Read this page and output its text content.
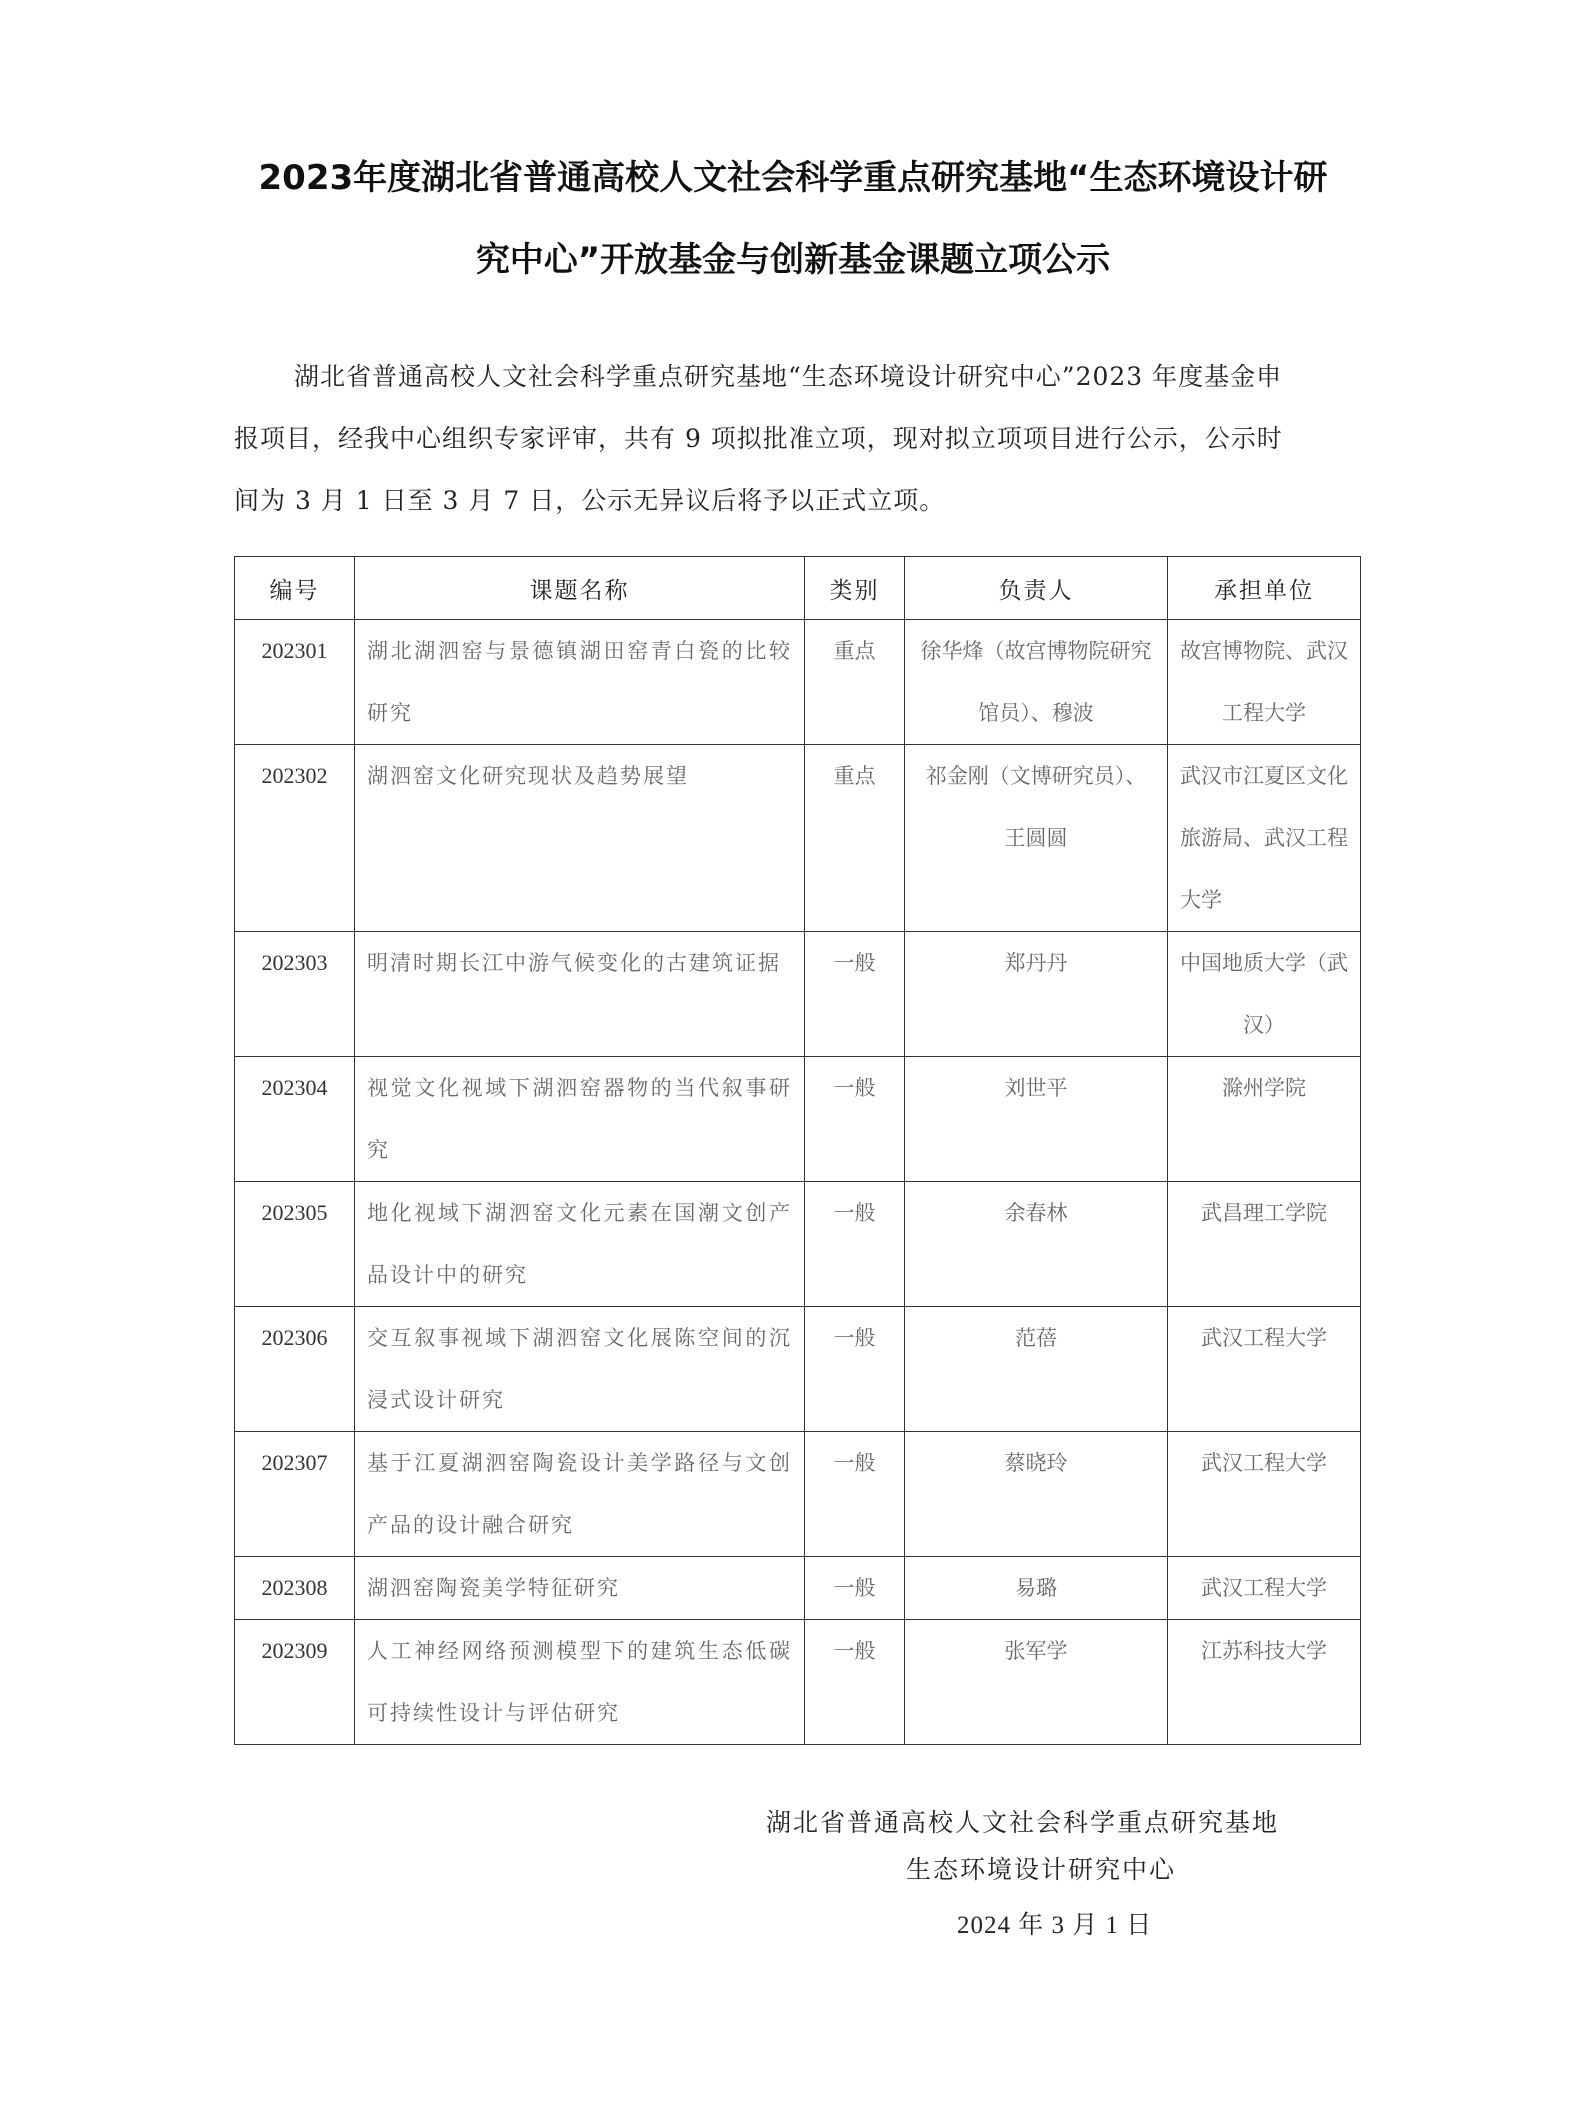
2023年度湖北省普通高校人文社会科学重点研究基地“生态环境设计研
究中心”开放基金与创新基金课题立项公示

湖北省普通高校人文社会科学重点研究基地“生态环境设计研究中心”2023 年度基金申

报项目，经我中心组织专家评审，共有 9 项拟批准立项，现对拟立项项目进行公示，公示时

间为 3 月 1 日至 3 月 7 日，公示无异议后将予以正式立项。

编号	课题名称	类别	负责人	承担单位
202301	湖北湖泗窑与景德镇湖田窑青白瓷的比较研究	重点	徐华烽（故宫博物院研究馆员）、穆波	故宫博物院、武汉工程大学
202302	湖泗窑文化研究现状及趋势展望	重点	祁金刚（文博研究员）、王圆圆	武汉市江夏区文化旅游局、武汉工程大学
202303	明清时期长江中游气候变化的古建筑证据	一般	郑丹丹	中国地质大学（武汉）
202304	视觉文化视域下湖泗窑器物的当代叙事研究	一般	刘世平	滁州学院
202305	地化视域下湖泗窑文化元素在国潮文创产品设计中的研究	一般	余春林	武昌理工学院
202306	交互叙事视域下湖泗窑文化展陈空间的沉浸式设计研究	一般	范蓓	武汉工程大学
202307	基于江夏湖泗窑陶瓷设计美学路径与文创产品的设计融合研究	一般	蔡晓玲	武汉工程大学
202308	湖泗窑陶瓷美学特征研究	一般	易璐	武汉工程大学
202309	人工神经网络预测模型下的建筑生态低碳可持续性设计与评估研究	一般	张军学	江苏科技大学
湖北省普通高校人文社会科学重点研究基地
生态环境设计研究中心
2024 年 3 月 1 日
